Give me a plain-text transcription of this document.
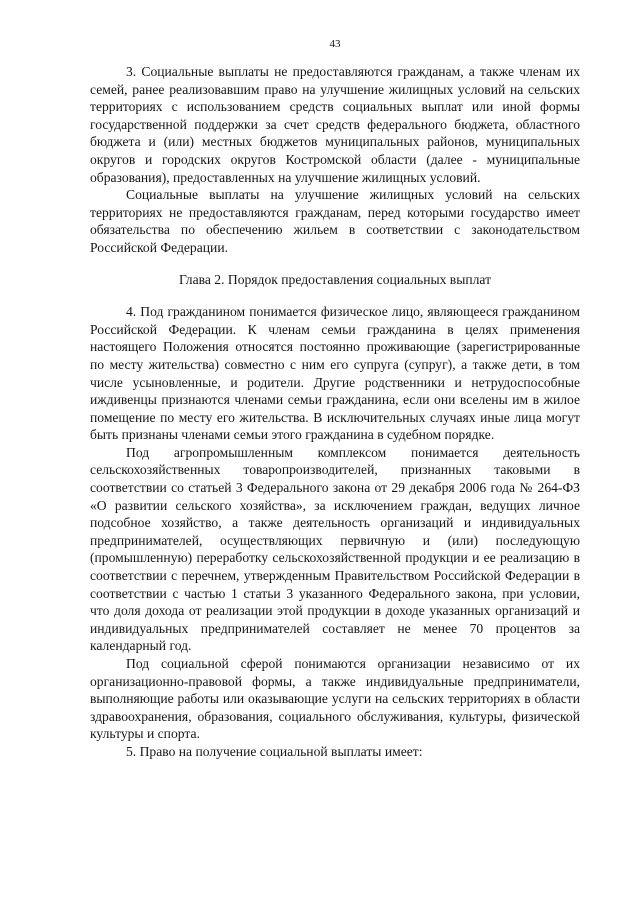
43

3. Социальные выплаты не предоставляются гражданам, а также членам их семей, ранее реализовавшим право на улучшение жилищных условий на сельских территориях с использованием средств социальных выплат или иной формы государственной поддержки за счет средств федерального бюджета, областного бюджета и (или) местных бюджетов муниципальных районов, муниципальных округов и городских округов Костромской области (далее - муниципальные образования), предоставленных на улучшение жилищных условий.

Социальные выплаты на улучшение жилищных условий на сельских территориях не предоставляются гражданам, перед которыми государство имеет обязательства по обеспечению жильем в соответствии с законодательством Российской Федерации.

Глава 2. Порядок предоставления социальных выплат

4. Под гражданином понимается физическое лицо, являющееся гражданином Российской Федерации. К членам семьи гражданина в целях применения настоящего Положения относятся постоянно проживающие (зарегистрированные по месту жительства) совместно с ним его супруга (супруг), а также дети, в том числе усыновленные, и родители. Другие родственники и нетрудоспособные иждивенцы признаются членами семьи гражданина, если они вселены им в жилое помещение по месту его жительства. В исключительных случаях иные лица могут быть признаны членами семьи этого гражданина в судебном порядке.

Под агропромышленным комплексом понимается деятельность сельскохозяйственных товаропроизводителей, признанных таковыми в соответствии со статьей 3 Федерального закона от 29 декабря 2006 года № 264-ФЗ «О развитии сельского хозяйства», за исключением граждан, ведущих личное подсобное хозяйство, а также деятельность организаций и индивидуальных предпринимателей, осуществляющих первичную и (или) последующую (промышленную) переработку сельскохозяйственной продукции и ее реализацию в соответствии с перечнем, утвержденным Правительством Российской Федерации в соответствии с частью 1 статьи 3 указанного Федерального закона, при условии, что доля дохода от реализации этой продукции в доходе указанных организаций и индивидуальных предпринимателей составляет не менее 70 процентов за календарный год.

Под социальной сферой понимаются организации независимо от их организационно-правовой формы, а также индивидуальные предприниматели, выполняющие работы или оказывающие услуги на сельских территориях в области здравоохранения, образования, социального обслуживания, культуры, физической культуры и спорта.

5. Право на получение социальной выплаты имеет:
